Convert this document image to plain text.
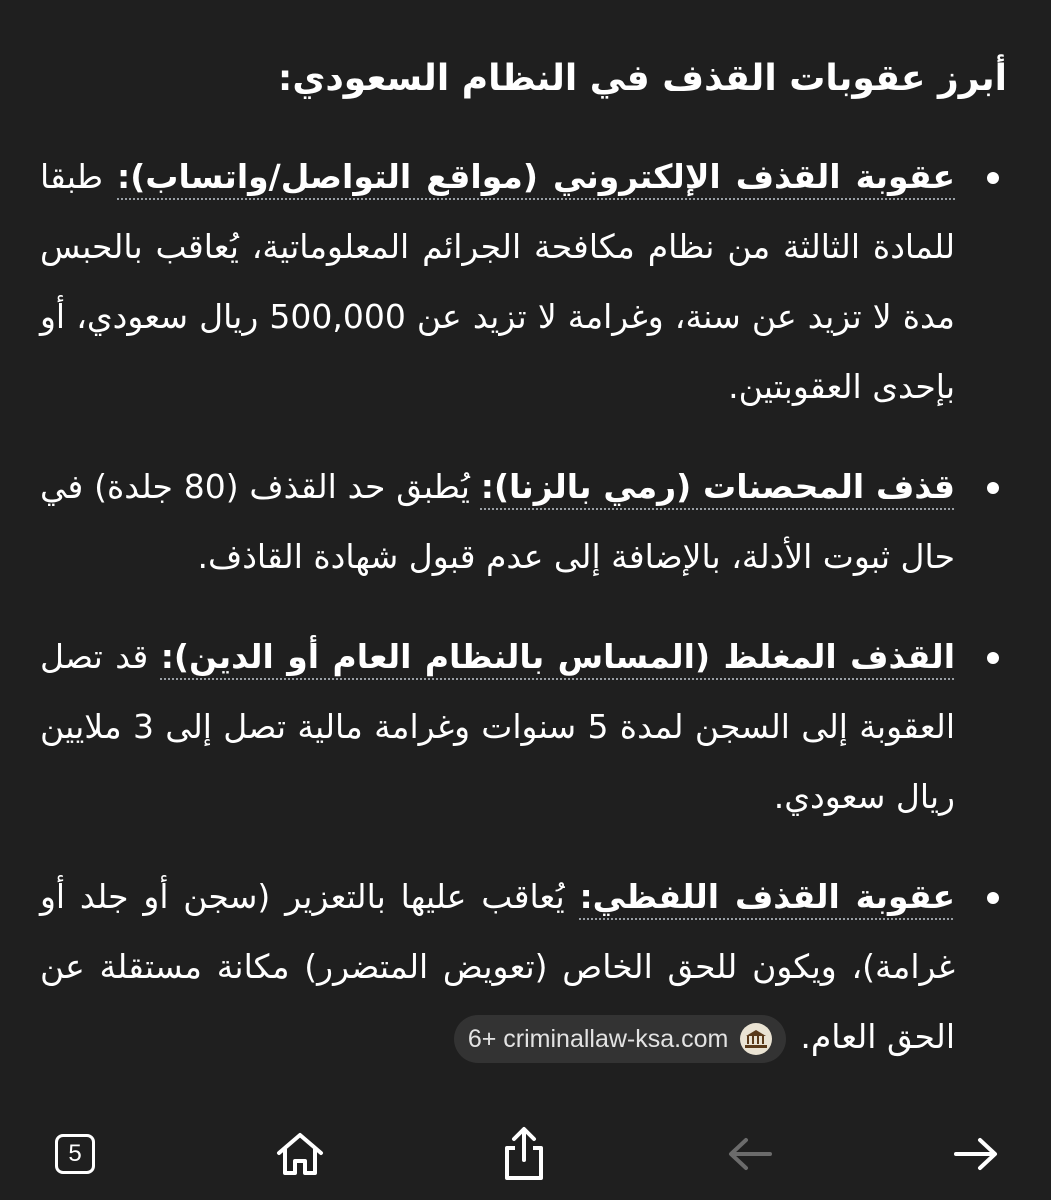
أبرز عقوبات القذف في النظام السعودي:
عقوبة القذف الإلكتروني (مواقع التواصل/واتساب): طبقا للمادة الثالثة من نظام مكافحة الجرائم المعلوماتية، يُعاقب بالحبس مدة لا تزيد عن سنة، وغرامة لا تزيد عن 500,000 ريال سعودي، أو بإحدى العقوبتين.
قذف المحصنات (رمي بالزنا): يُطبق حد القذف (80 جلدة) في حال ثبوت الأدلة، بالإضافة إلى عدم قبول شهادة القاذف.
القذف المغلظ (المساس بالنظام العام أو الدين): قد تصل العقوبة إلى السجن لمدة 5 سنوات وغرامة مالية تصل إلى 3 ملايين ريال سعودي.
عقوبة القذف اللفظي: يُعاقب عليها بالتعزير (سجن أو جلد أو غرامة)، ويكون للحق الخاص (تعويض المتضرر) مكانة مستقلة عن الحق العام.
6+ criminallaw-ksa.com
5
